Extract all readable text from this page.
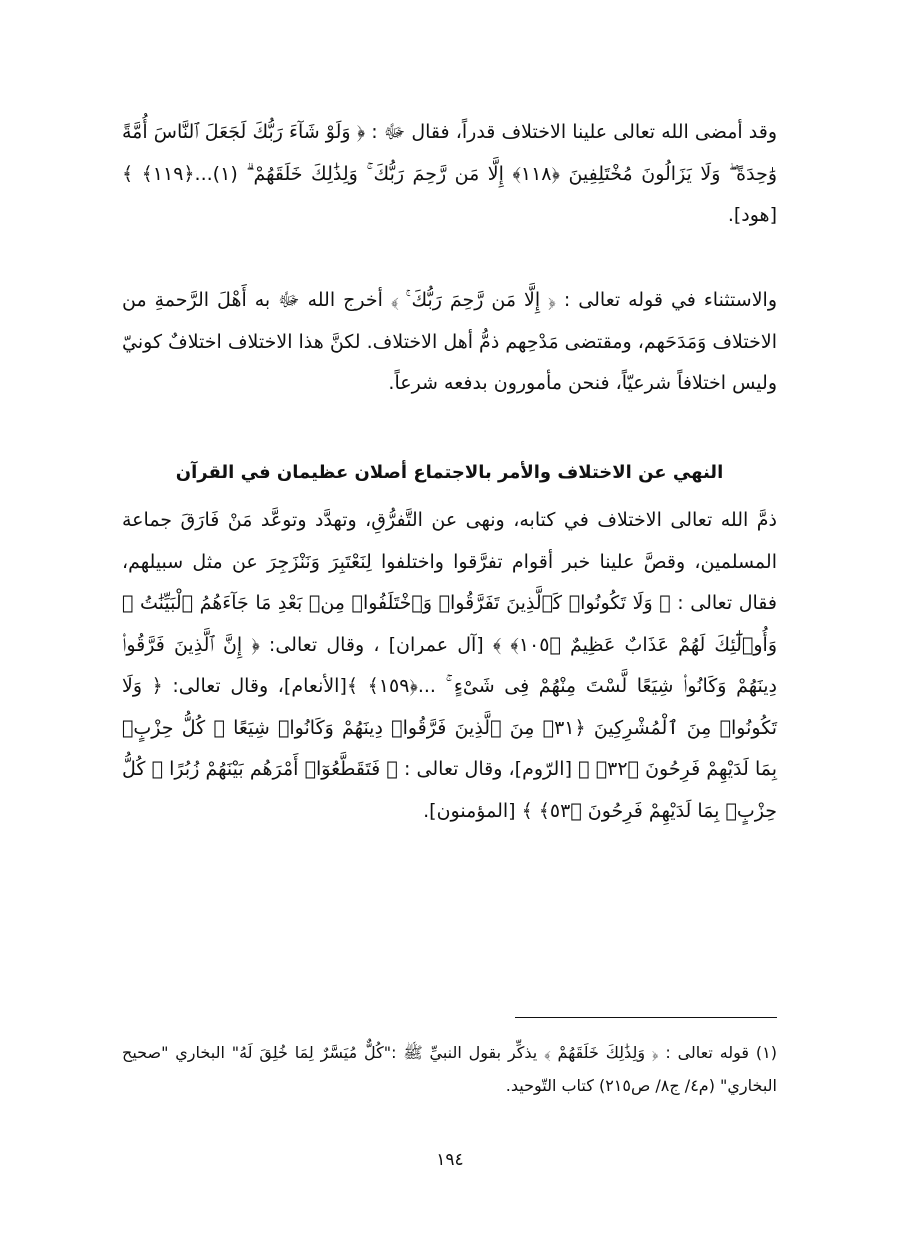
وقد أمضى الله تعالى علينا الاختلاف قدراً، فقال ﷻ : ﴿ وَلَوْ شَآءَ رَبُّكَ لَجَعَلَ ٱلنَّاسَ أُمَّةً وَٰحِدَةً ۖ وَلَا يَزَالُونَ مُخْتَلِفِينَ ﴿١١٨﴾ إِلَّا مَن رَّحِمَ رَبُّكَ ۚ وَلِذَٰلِكَ خَلَقَهُمْ ۗ (١)...﴿١١٩﴾ ﴾ [هود].

والاستثناء في قوله تعالى : ﴿ إِلَّا مَن رَّحِمَ رَبُّكَ ۚ ﴾ أخرج الله ﷻ به أَهْلَ الرَّحمةِ من الاختلاف وَمَدَحَهم، ومقتضى مَدْحِهم ذمُّ أهل الاختلاف. لكنَّ هذا الاختلاف اختلافٌ كونيّ وليس اختلافاً شرعيّاً، فنحن مأمورون بدفعه شرعاً.

النهي عن الاختلاف والأمر بالاجتماع أصلان عظيمان في القرآن

ذمَّ الله تعالى الاختلاف في كتابه، ونهى عن التَّفرُّقِ، وتهدَّد وتوعَّد مَنْ فَارَقَ جماعة المسلمين، وقصَّ علينا خبر أقوام تفرَّقوا واختلفوا لِنَعْتَبِرَ وَنَنْزَجِرَ عن مثل سبيلهم، فقال تعالى : ﴿ وَلَا تَكُونُوا۟ كَٱلَّذِينَ تَفَرَّقُوا۟ وَٱخْتَلَفُوا۟ مِنۢ بَعْدِ مَا جَآءَهُمُ ٱلْبَيِّنَٰتُ ۚ وَأُو۟لَٰٓئِكَ لَهُمْ عَذَابٌ عَظِيمٌ ﴿١٠٥﴾ ﴾ [آل عمران] ، وقال تعالى: ﴿ إِنَّ ٱلَّذِينَ فَرَّقُوا۟ دِينَهُمْ وَكَانُوا۟ شِيَعًا لَّسْتَ مِنْهُمْ فِى شَىْءٍ ۚ ...﴿١٥٩﴾ ﴾[الأنعام]، وقال تعالى: ﴿ وَلَا تَكُونُوا۟ مِنَ ٱلْمُشْرِكِينَ ﴿٣١﴾ مِنَ ٱلَّذِينَ فَرَّقُوا۟ دِينَهُمْ وَكَانُوا۟ شِيَعًا ۖ كُلُّ حِزْبٍۭ بِمَا لَدَيْهِمْ فَرِحُونَ ﴿٣٢﴾ ﴾ [الرّوم]، وقال تعالى : ﴿ فَتَقَطَّعُوٓا۟ أَمْرَهُم بَيْنَهُمْ زُبُرًا ۖ كُلُّ حِزْبٍۭ بِمَا لَدَيْهِمْ فَرِحُونَ ﴿٥٣﴾ ﴾ [المؤمنون].

(١) قوله تعالى : ﴿ وَلِذَٰلِكَ خَلَقَهُمْ ﴾ يذكِّر بقول النبيِّ ﷺ :"كُلٌّ مُيَسَّرٌ لِمَا خُلِقَ لَهُ" البخاري "صحيح البخاري" (م٤/ ج٨/ ص٢١٥) كتاب التّوحيد.

١٩٤
